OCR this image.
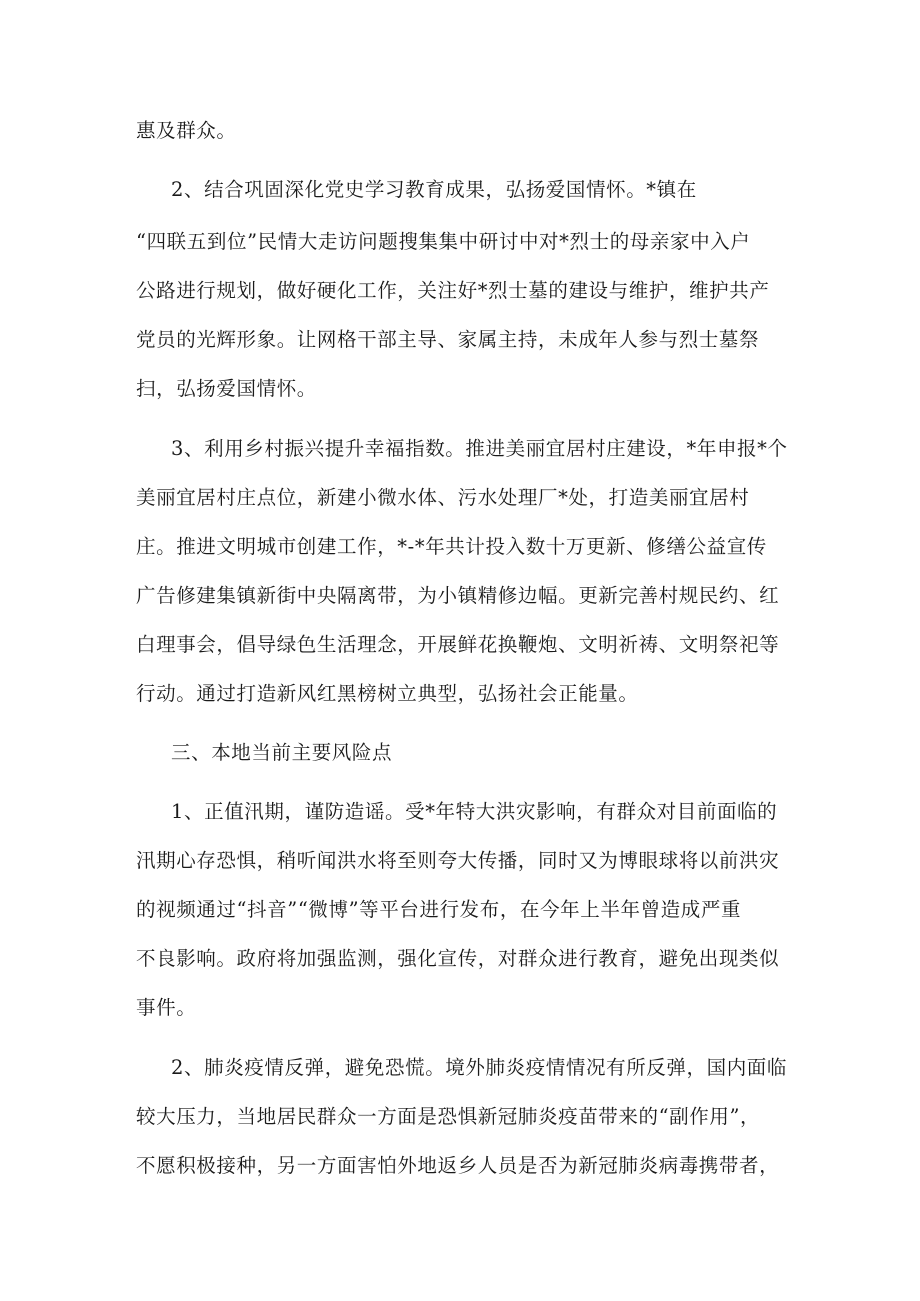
惠及群众。
2、结合巩固深化党史学习教育成果，弘扬爱国情怀。*镇在
“四联五到位”民情大走访问题搜集集中研讨中对*烈士的母亲家中入户
公路进行规划，做好硬化工作，关注好*烈士墓的建设与维护，维护共产
党员的光辉形象。让网格干部主导、家属主持，未成年人参与烈士墓祭
扫，弘扬爱国情怀。
3、利用乡村振兴提升幸福指数。推进美丽宜居村庄建设，*年申报*个
美丽宜居村庄点位，新建小微水体、污水处理厂*处，打造美丽宜居村
庄。推进文明城市创建工作，*-*年共计投入数十万更新、修缮公益宣传
广告修建集镇新街中央隔离带，为小镇精修边幅。更新完善村规民约、红
白理事会，倡导绿色生活理念，开展鲜花换鞭炮、文明祈祷、文明祭祀等
行动。通过打造新风红黑榜树立典型，弘扬社会正能量。
三、本地当前主要风险点
1、正值汛期，谨防造谣。受*年特大洪灾影响，有群众对目前面临的
汛期心存恐惧，稍听闻洪水将至则夸大传播，同时又为博眼球将以前洪灾
的视频通过“抖音”“微博”等平台进行发布，在今年上半年曾造成严重
不良影响。政府将加强监测，强化宣传，对群众进行教育，避免出现类似
事件。
2、肺炎疫情反弹，避免恐慌。境外肺炎疫情情况有所反弹，国内面临
较大压力，当地居民群众一方面是恐惧新冠肺炎疫苗带来的“副作用”，
不愿积极接种，另一方面害怕外地返乡人员是否为新冠肺炎病毒携带者，
